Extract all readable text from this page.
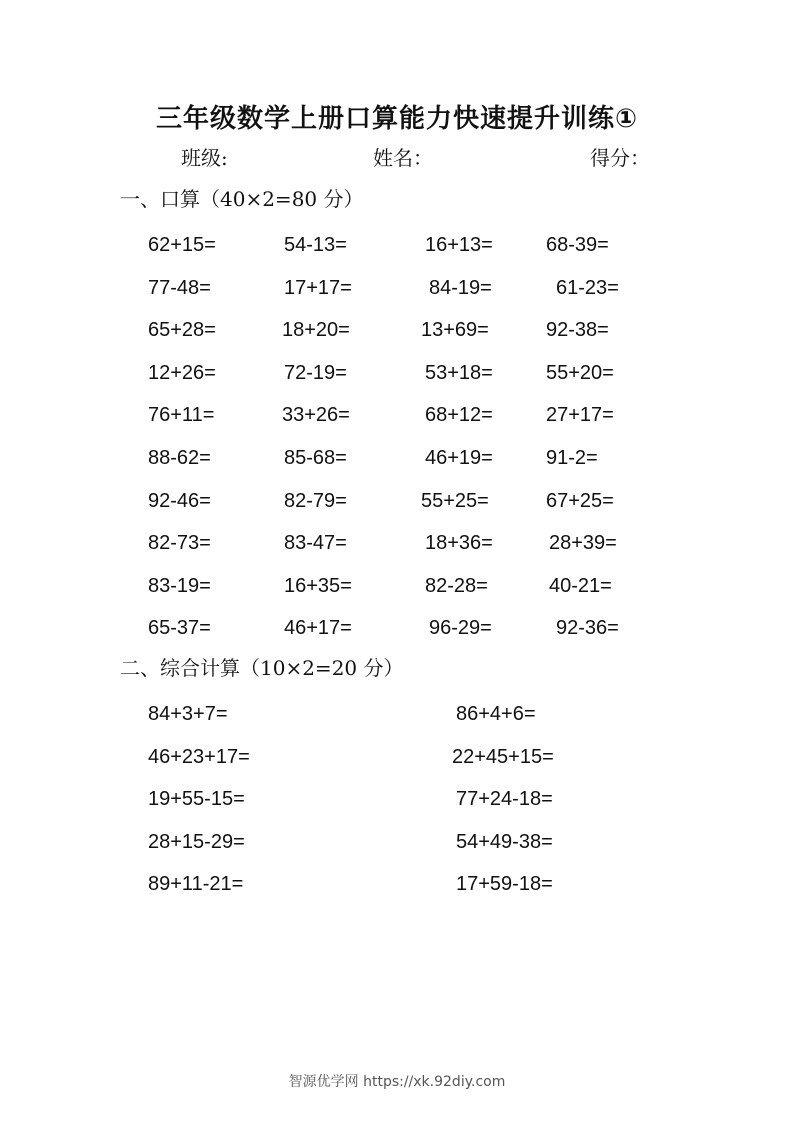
三年级数学上册口算能力快速提升训练①
班级:	姓名：	得分：
一、口算（40×2=80 分）
62+15=	54-13=	16+13=	68-39=
77-48=	17+17=	84-19=	61-23=
65+28=	18+20=	13+69=	92-38=
12+26=	72-19=	53+18=	55+20=
76+11=	33+26=	68+12=	27+17=
88-62=	85-68=	46+19=	91-2=
92-46=	82-79=	55+25=	67+25=
82-73=	83-47=	18+36=	28+39=
83-19=	16+35=	82-28=	40-21=
65-37=	46+17=	96-29=	92-36=
二、综合计算（10×2=20 分）
84+3+7=	86+4+6=
46+23+17=	22+45+15=
19+55-15=	77+24-18=
28+15-29=	54+49-38=
89+11-21=	17+59-18=
智源优学网 https://xk.92diy.com
